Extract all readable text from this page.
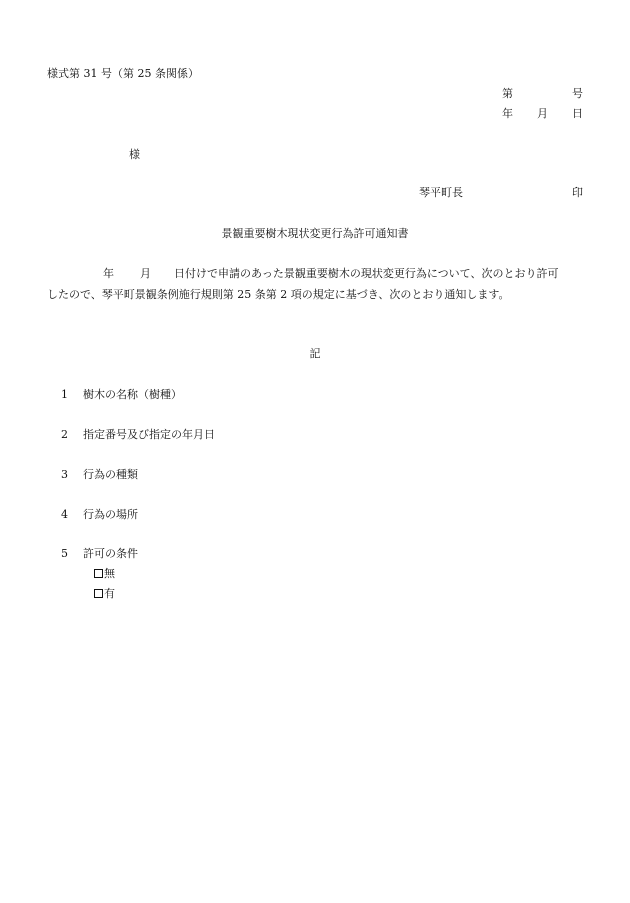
様式第 31 号（第 25 条関係）
第	号
年 月 日
様
琴平町長	印
景観重要樹木現状変更行為許可通知書
年 月 日付けで申請のあった景観重要樹木の現状変更行為について、次のとおり許可
したので、琴平町景観条例施行規則第 25 条第 2 項の規定に基づき、次のとおり通知します。
記
1 樹木の名称（樹種）
2 指定番号及び指定の年月日
3 行為の種類
4 行為の場所
5 許可の条件
無
有
